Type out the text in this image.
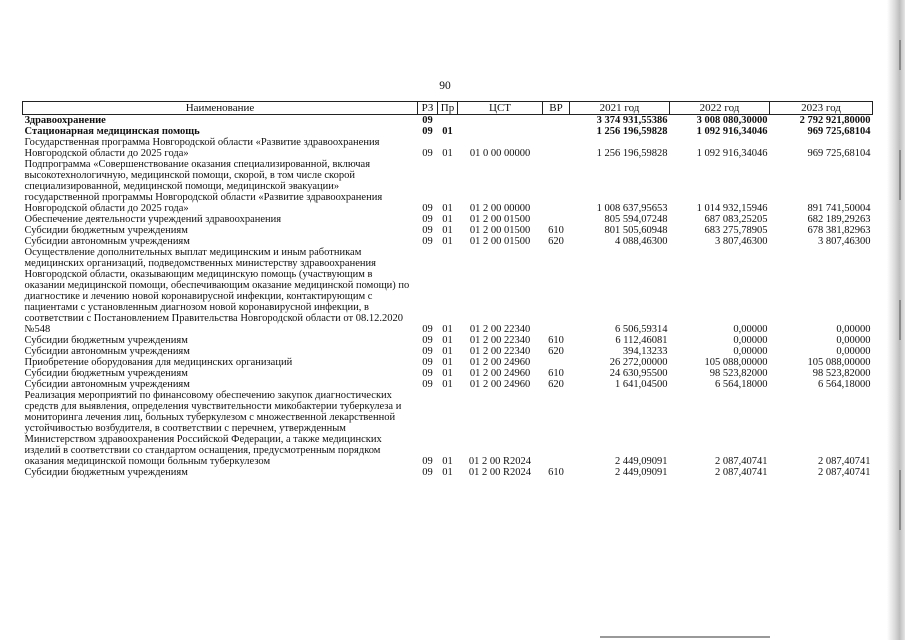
90
Наименование	РЗ	Пр	ЦСТ	ВР	2021 год	2022 год	2023 год
Здравоохранение	09				3 374 931,55386	3 008 080,30000	2 792 921,80000
Стационарная медицинская помощь	09	01			1 256 196,59828	1 092 916,34046	969 725,68104
Государственная программа Новгородской области «Развитие здравоохранения Новгородской области до 2025 года»	09	01	01 0 00 00000		1 256 196,59828	1 092 916,34046	969 725,68104
Подпрограмма «Совершенствование оказания специализированной, включая высокотехнологичную, медицинской помощи, скорой, в том числе скорой специализированной, медицинской помощи, медицинской эвакуации» государственной программы Новгородской области «Развитие здравоохранения Новгородской области до 2025 года»	09	01	01 2 00 00000		1 008 637,95653	1 014 932,15946	891 741,50004
Обеспечение деятельности учреждений здравоохранения	09	01	01 2 00 01500		805 594,07248	687 083,25205	682 189,29263
Субсидии бюджетным учреждениям	09	01	01 2 00 01500	610	801 505,60948	683 275,78905	678 381,82963
Субсидии автономным учреждениям	09	01	01 2 00 01500	620	4 088,46300	3 807,46300	3 807,46300
Осуществление дополнительных выплат медицинским и иным работникам медицинских организаций, подведомственных министерству здравоохранения Новгородской области, оказывающим медицинскую помощь (участвующим в оказании медицинской помощи, обеспечивающим оказание медицинской помощи) по диагностике и лечению новой коронавирусной инфекции, контактирующим с пациентами с установленным диагнозом новой коронавирусной инфекции, в соответствии с Постановлением Правительства Новгородской области от 08.12.2020 №548	09	01	01 2 00 22340		6 506,59314	0,00000	0,00000
Субсидии бюджетным учреждениям	09	01	01 2 00 22340	610	6 112,46081	0,00000	0,00000
Субсидии автономным учреждениям	09	01	01 2 00 22340	620	394,13233	0,00000	0,00000
Приобретение оборудования для медицинских организаций	09	01	01 2 00 24960		26 272,00000	105 088,00000	105 088,00000
Субсидии бюджетным учреждениям	09	01	01 2 00 24960	610	24 630,95500	98 523,82000	98 523,82000
Субсидии автономным учреждениям	09	01	01 2 00 24960	620	1 641,04500	6 564,18000	6 564,18000
Реализация мероприятий по финансовому обеспечению закупок диагностических средств для выявления, определения чувствительности микобактерии туберкулеза и мониторинга лечения лиц, больных туберкулезом с множественной лекарственной устойчивостью возбудителя, в соответствии с перечнем, утвержденным Министерством здравоохранения Российской Федерации, а также медицинских изделий в соответствии со стандартом оснащения, предусмотренным порядком оказания медицинской помощи больным туберкулезом	09	01	01 2 00 R2024		2 449,09091	2 087,40741	2 087,40741
Субсидии бюджетным учреждениям	09	01	01 2 00 R2024	610	2 449,09091	2 087,40741	2 087,40741
